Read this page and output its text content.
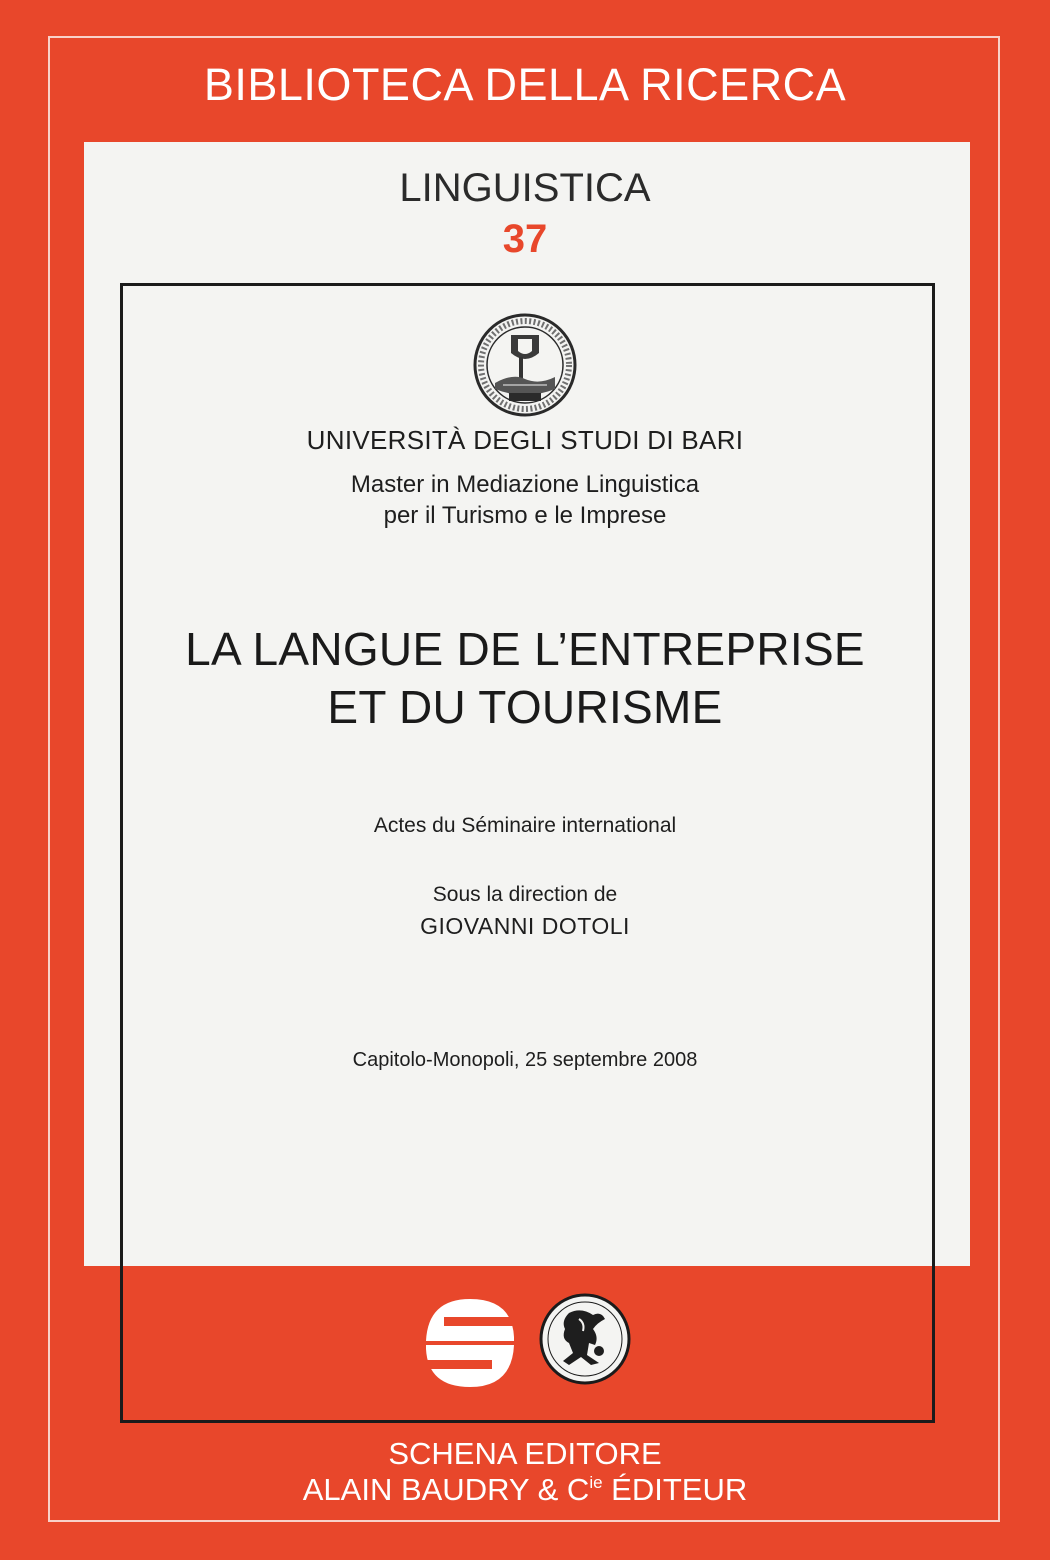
BIBLIOTECA DELLA RICERCA
LINGUISTICA
37
UNIVERSITÀ DEGLI STUDI DI BARI
Master in Mediazione Linguistica
per il Turismo e le Imprese
LA LANGUE DE L’ENTREPRISE
ET DU TOURISME
Actes du Séminaire international
Sous la direction de
GIOVANNI DOTOLI
Capitolo-Monopoli, 25 septembre 2008
SCHENA EDITORE
ALAIN BAUDRY & $C^{ie}$ ÉDITEUR
